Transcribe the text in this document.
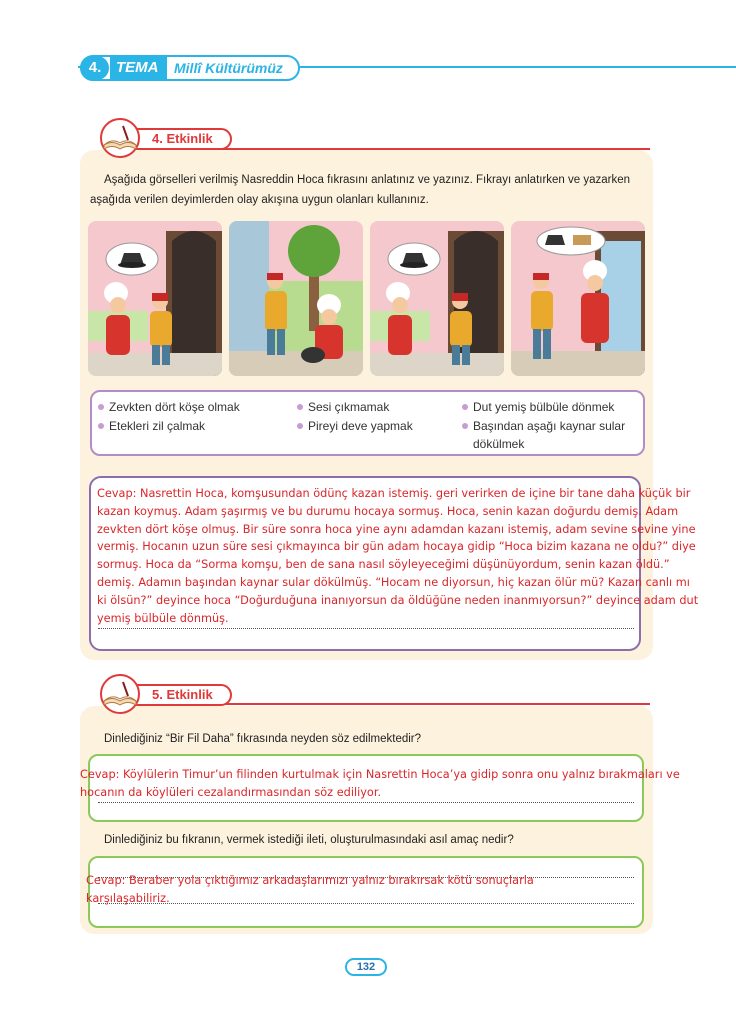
4. TEMA	Millî Kültürümüz
4. Etkinlik
Aşağıda görselleri verilmiş Nasreddin Hoca fıkrasını anlatınız ve yazınız. Fıkrayı anlatırken ve yazarken aşağıda verilen deyimlerden olay akışına uygun olanları kullanınız.
Zevkten dört köşe olmak
Etekleri zil çalmak
Sesi çıkmamak
Pireyi deve yapmak
Dut yemiş bülbüle dönmek
Başından aşağı kaynar sular dökülmek
Cevap: Nasrettin Hoca, komşusundan ödünç kazan istemiş. geri verirken de içine bir tane daha küçük bir kazan koymuş. Adam şaşırmış ve bu durumu hocaya sormuş. Hoca, senin kazan doğurdu demiş. Adam zevkten dört köşe olmuş. Bir süre sonra hoca yine aynı adamdan kazanı istemiş, adam sevine sevine yine vermiş. Hocanın uzun süre sesi çıkmayınca bir gün adam hocaya gidip “Hoca bizim kazana ne oldu?” diye sormuş. Hoca da “Sorma komşu, ben de sana nasıl söyleyeceğimi düşünüyordum, senin kazan öldü.” demiş. Adamın başından kaynar sular dökülmüş. “Hocam ne diyorsun, hiç kazan ölür mü? Kazan canlı mı ki ölsün?” deyince hoca “Doğurduğuna inanıyorsun da öldüğüne neden inanmıyorsun?” deyince adam dut yemiş bülbüle dönmüş.
5. Etkinlik
Dinlediğiniz “Bir Fil Daha” fıkrasında neyden söz edilmektedir?
Cevap: Köylülerin Timur’un filinden kurtulmak için Nasrettin Hoca’ya gidip sonra onu yalnız bırakmaları ve hocanın da köylüleri cezalandırmasından söz ediliyor.
Dinlediğiniz bu fıkranın, vermek istediği ileti, oluşturulmasındaki asıl amaç nedir?
Cevap: Beraber yola çıktığımız arkadaşlarımızı yalnız bırakırsak kötü sonuçlarla karşılaşabiliriz.
132
